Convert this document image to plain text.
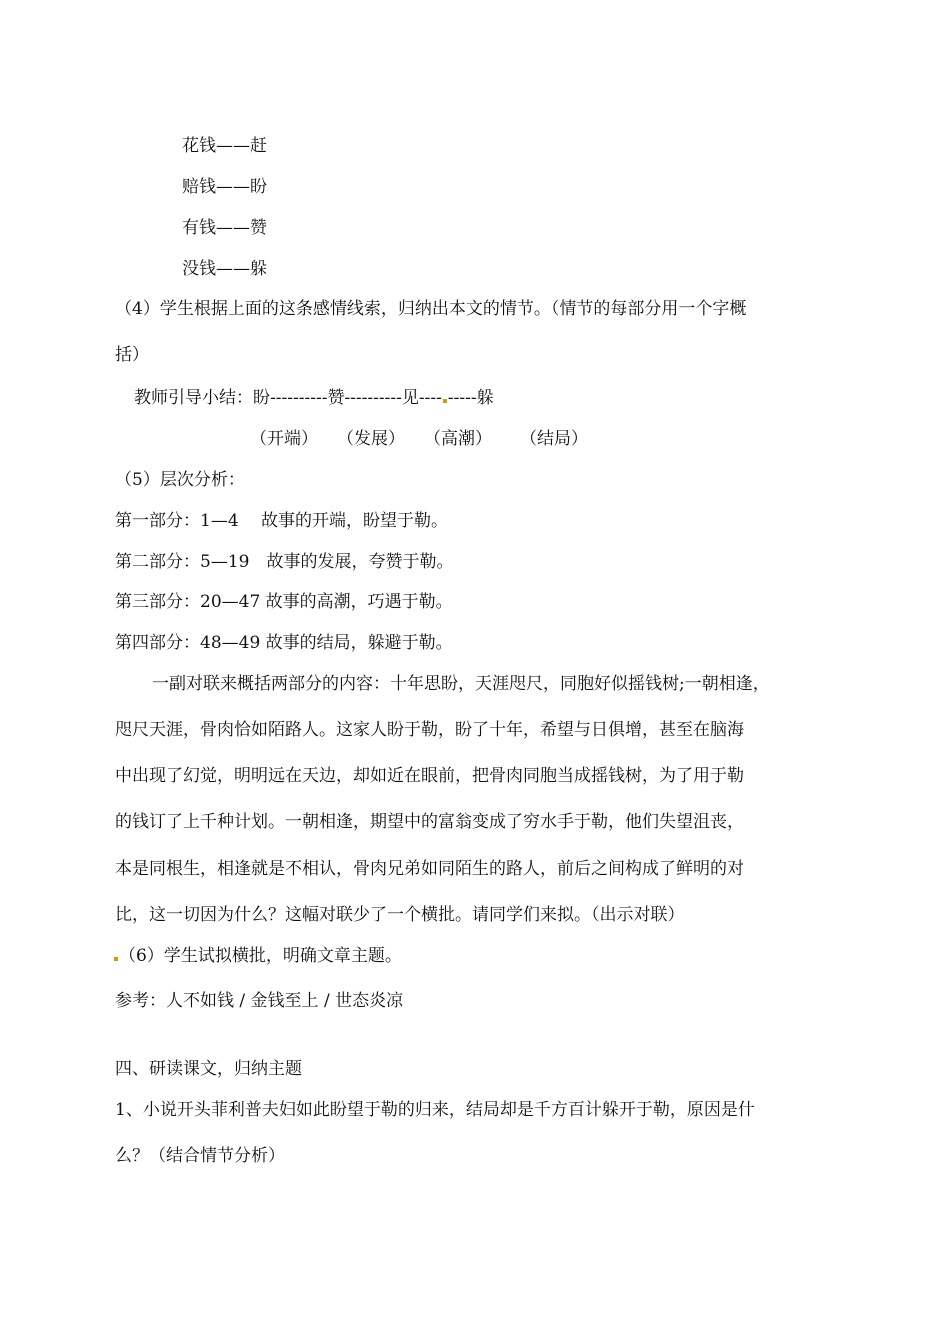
花钱——赶
赔钱——盼
有钱——赞
没钱——躲
（4）学生根据上面的这条感情线索，归纳出本文的情节。（情节的每部分用一个字概
括）
教师引导小结：盼----------赞----------见---- -----躲
（开端） （发展） （高潮） （结局）
（5）层次分析：
第一部分：1—4　 故事的开端，盼望于勒。
第二部分：5—19　故事的发展，夸赞于勒。
第三部分：20—47 故事的高潮，巧遇于勒。
第四部分：48—49 故事的结局，躲避于勒。
一副对联来概括两部分的内容：十年思盼，天涯咫尺，同胞好似摇钱树;一朝相逢，
咫尺天涯，骨肉恰如陌路人。这家人盼于勒，盼了十年，希望与日俱增，甚至在脑海
中出现了幻觉，明明远在天边，却如近在眼前，把骨肉同胞当成摇钱树，为了用于勒
的钱订了上千种计划。一朝相逢，期望中的富翁变成了穷水手于勒，他们失望沮丧，
本是同根生，相逢就是不相认，骨肉兄弟如同陌生的路人，前后之间构成了鲜明的对
比，这一切因为什么？这幅对联少了一个横批。请同学们来拟。（出示对联）
（6）学生试拟横批，明确文章主题。
参考：人不如钱 / 金钱至上 / 世态炎凉
四、研读课文，归纳主题
1、小说开头菲利普夫妇如此盼望于勒的归来，结局却是千方百计躲开于勒，原因是什
么？（结合情节分析）
